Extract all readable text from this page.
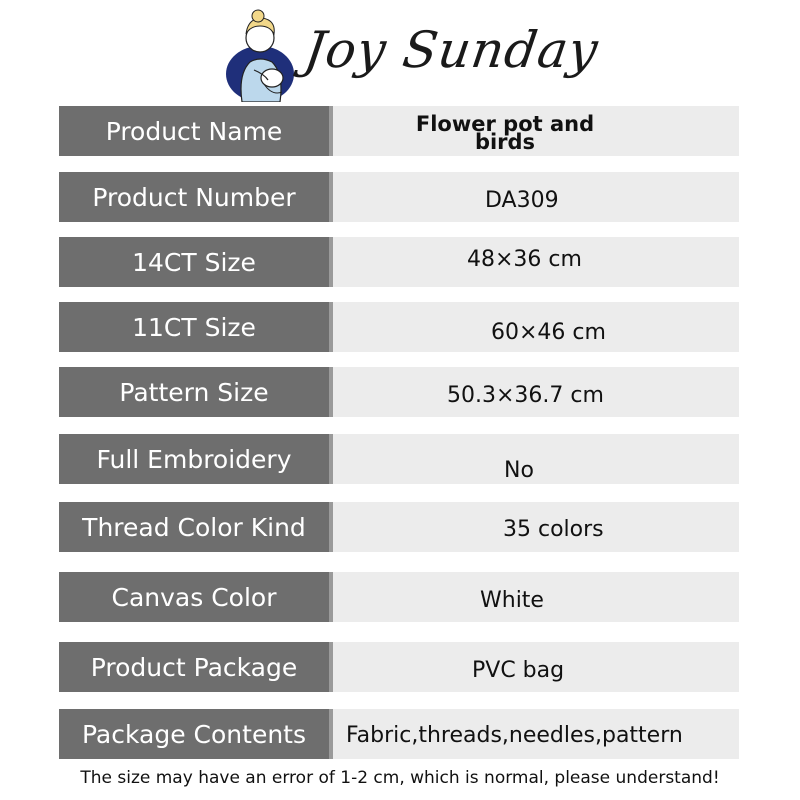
Joy Sunday
Product Name	Flower pot and birds
Product Number	DA309
14CT Size	48×36 cm
11CT Size	60×46 cm
Pattern Size	50.3×36.7 cm
Full Embroidery	No
Thread Color Kind	35 colors
Canvas Color	White
Product Package	PVC bag
Package Contents	Fabric,threads,needles,pattern
The size may have an error of 1-2 cm, which is normal, please understand!
